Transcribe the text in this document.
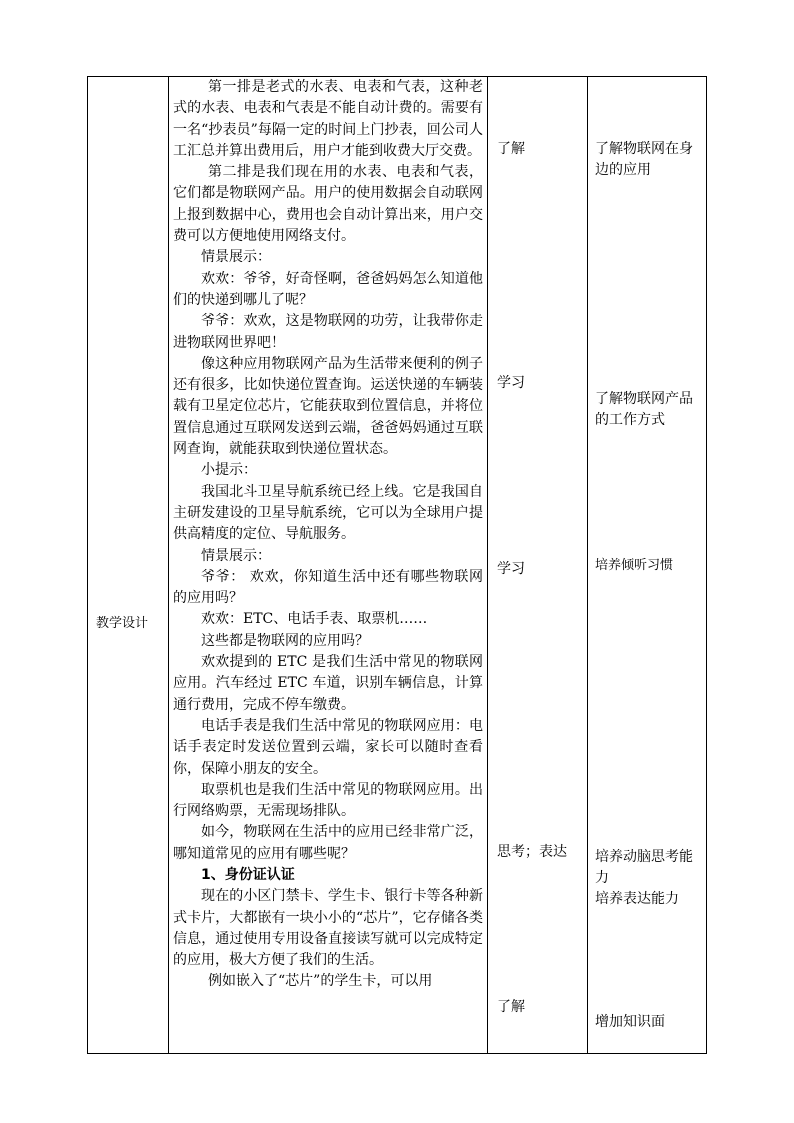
教学设计

第一排是老式的水表、电表和气表，这种老式的水表、电表和气表是不能自动计费的。需要有一名“抄表员”每隔一定的时间上门抄表，回公司人工汇总并算出费用后，用户才能到收费大厅交费。

第二排是我们现在用的水表、电表和气表，它们都是物联网产品。用户的使用数据会自动联网上报到数据中心，费用也会自动计算出来，用户交费可以方便地使用网络支付。

情景展示：

欢欢：爷爷，好奇怪啊，爸爸妈妈怎么知道他们的快递到哪儿了呢？

爷爷：欢欢，这是物联网的功劳，让我带你走进物联网世界吧！

像这种应用物联网产品为生活带来便利的例子还有很多，比如快递位置查询。运送快递的车辆装载有卫星定位芯片，它能获取到位置信息，并将位置信息通过互联网发送到云端，爸爸妈妈通过互联网查询，就能获取到快递位置状态。

小提示：

我国北斗卫星导航系统已经上线。它是我国自主研发建设的卫星导航系统，它可以为全球用户提供高精度的定位、导航服务。

情景展示：

爷爷： 欢欢，你知道生活中还有哪些物联网的应用吗？

欢欢：ETC、电话手表、取票机……

这些都是物联网的应用吗？

欢欢提到的 ETC 是我们生活中常见的物联网应用。汽车经过 ETC 车道，识别车辆信息，计算通行费用，完成不停车缴费。

电话手表是我们生活中常见的物联网应用：电话手表定时发送位置到云端，家长可以随时查看你，保障小朋友的安全。

取票机也是我们生活中常见的物联网应用。出行网络购票，无需现场排队。

如今，物联网在生活中的应用已经非常广泛，哪知道常见的应用有哪些呢？

1、身份证认证

现在的小区门禁卡、学生卡、银行卡等各种新式卡片，大都嵌有一块小小的“芯片”，它存储各类信息，通过使用专用设备直接读写就可以完成特定的应用，极大方便了我们的生活。

例如嵌入了“芯片”的学生卡，可以用

了解
学习
学习
思考；表达
了解
了解物联网在身边的应用
了解物联网产品的工作方式
培养倾听习惯
培养动脑思考能力
培养表达能力
增加知识面
